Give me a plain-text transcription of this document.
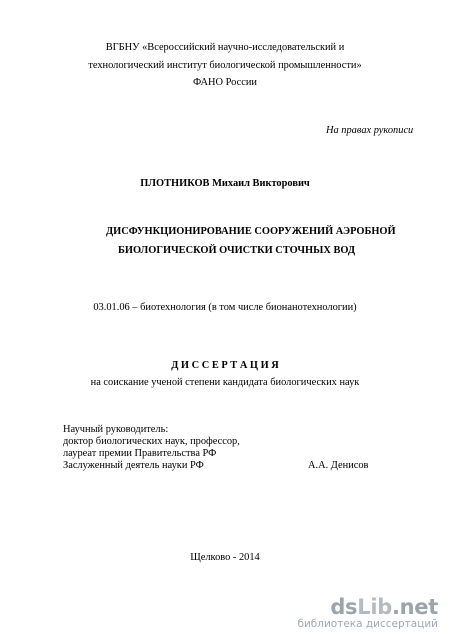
ВГБНУ «Всероссийский научно-исследовательский и
технологический институт биологической промышленности»
ФАНО России
На правах рукописи
ПЛОТНИКОВ Михаил Викторович
ДИСФУНКЦИОНИРОВАНИЕ СООРУЖЕНИЙ АЭРОБНОЙ
БИОЛОГИЧЕСКОЙ ОЧИСТКИ СТОЧНЫХ ВОД
03.01.06 – биотехнология (в том числе бионанотехнологии)
Д И С С Е Р Т А Ц И Я
на соискание ученой степени кандидата биологических наук
Научный руководитель:
доктор биологических наук, профессор,
лауреат премии Правительства РФ
Заслуженный деятель науки РФ	А.А. Денисов
Щелково - 2014
dsLib.net
библиотека диссертаций
